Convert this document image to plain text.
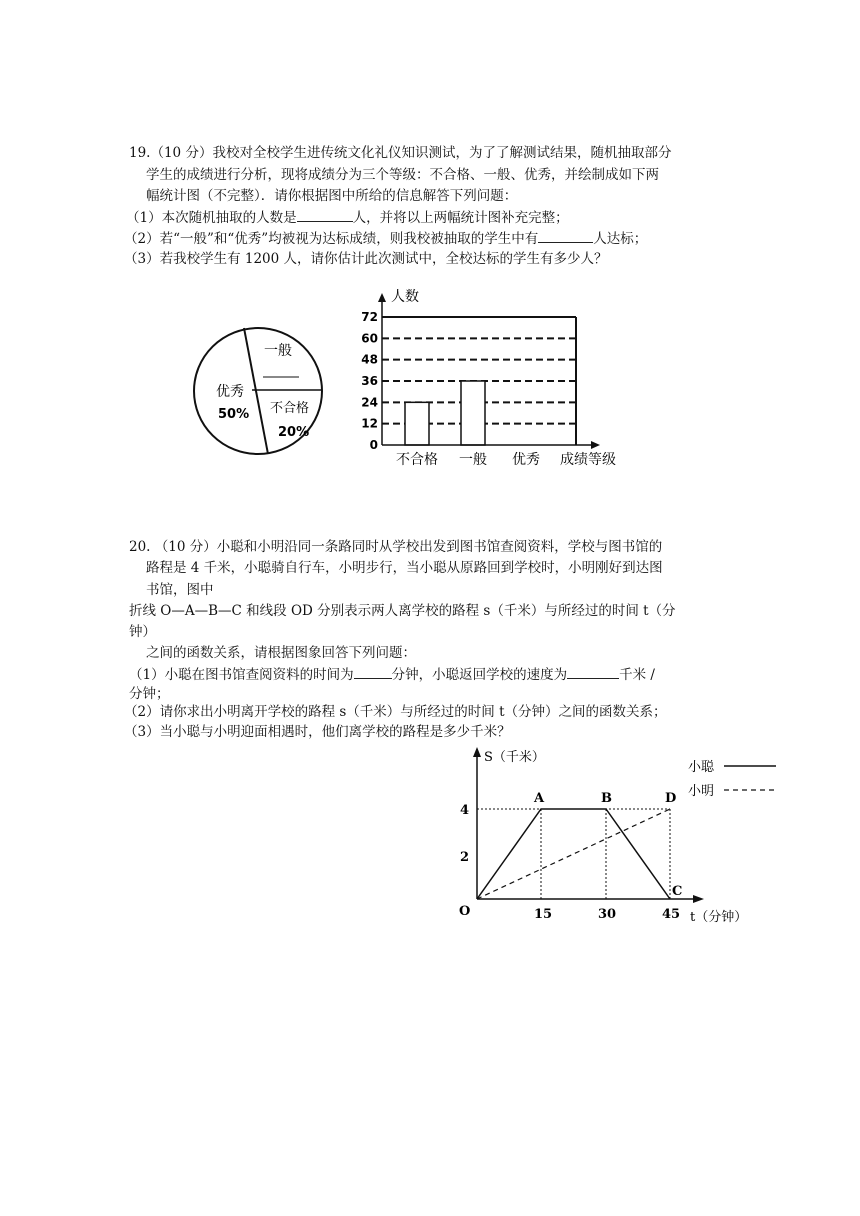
19.（10 分）我校对全校学生进传统文化礼仪知识测试，为了了解测试结果，随机抽取部分
学生的成绩进行分析，现将成绩分为三个等级：不合格、一般、优秀，并绘制成如下两
幅统计图（不完整）．请你根据图中所给的信息解答下列问题：
（1）本次随机抽取的人数是	人，并将以上两幅统计图补充完整；
（2）若“一般”和“优秀”均被视为达标成绩，则我校被抽取的学生中有	人达标；
（3）若我校学生有 1200 人，请你估计此次测试中，全校达标的学生有多少人？
一般
优秀
50% 不合格
20%
人数
0
12
24
36
48
60
72
不合格 一般 优秀 成绩等级
20. （10 分）小聪和小明沿同一条路同时从学校出发到图书馆查阅资料，学校与图书馆的
路程是 4 千米，小聪骑自行车，小明步行，当小聪从原路回到学校时，小明刚好到达图
书馆，图中
折线 O—A—B—C 和线段 OD 分别表示两人离学校的路程 s（千米）与所经过的时间 t（分
钟）
之间的函数关系，请根据图象回答下列问题：
（1）小聪在图书馆查阅资料的时间为	分钟，小聪返回学校的速度为	千米 /
分钟；
（2）请你求出小明离开学校的路程 s（千米）与所经过的时间 t（分钟）之间的函数关系；
（3）当小聪与小明迎面相遇时，他们离学校的路程是多少千米？
S（千米）
t（分钟）
O
4
2
15	30	45
A	B
C
D
小聪
小明
